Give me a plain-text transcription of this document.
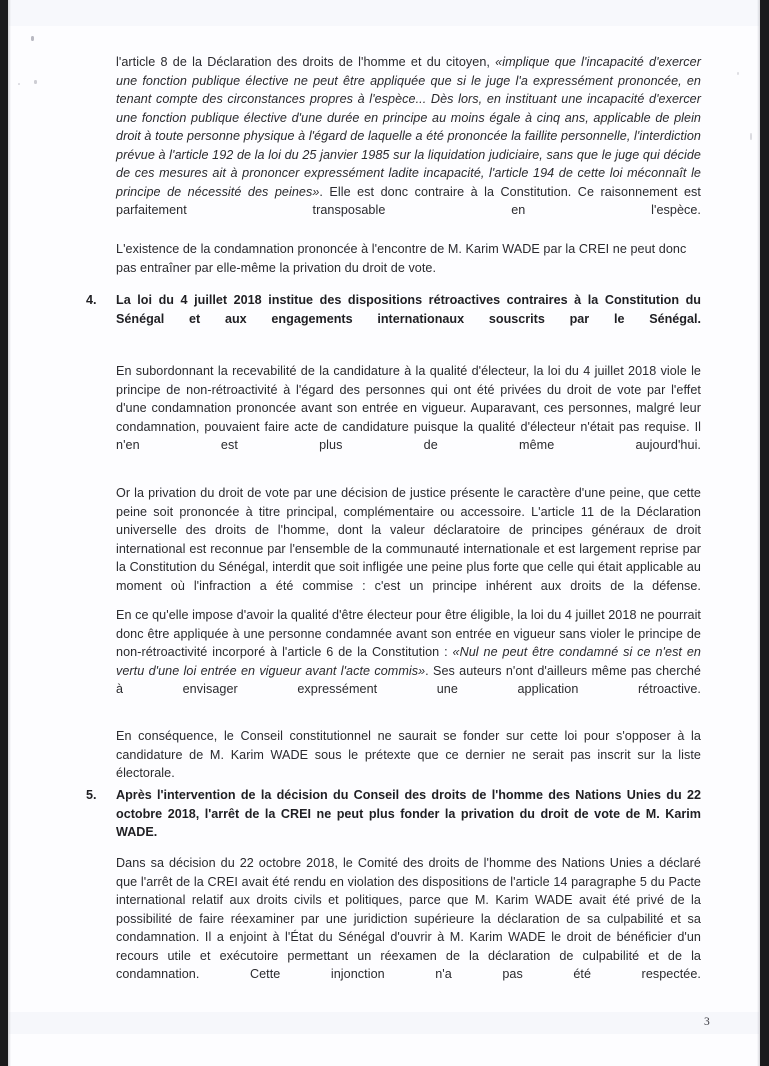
l'article 8 de la Déclaration des droits de l'homme et du citoyen, «implique que l'incapacité d'exercer une fonction publique élective ne peut être appliquée que si le juge l'a expressément prononcée, en tenant compte des circonstances propres à l'espèce... Dès lors, en instituant une incapacité d'exercer une fonction publique élective d'une durée en principe au moins égale à cinq ans, applicable de plein droit à toute personne physique à l'égard de laquelle a été prononcée la faillite personnelle, l'interdiction prévue à l'article 192 de la loi du 25 janvier 1985 sur la liquidation judiciaire, sans que le juge qui décide de ces mesures ait à prononcer expressément ladite incapacité, l'article 194 de cette loi méconnaît le principe de nécessité des peines». Elle est donc contraire à la Constitution. Ce raisonnement est parfaitement transposable en l'espèce.
L'existence de la condamnation prononcée à l'encontre de M. Karim WADE par la CREI ne peut donc pas entraîner par elle-même la privation du droit de vote.
4.	La loi du 4 juillet 2018 institue des dispositions rétroactives contraires à la Constitution du Sénégal et aux engagements internationaux souscrits par le Sénégal.
En subordonnant la recevabilité de la candidature à la qualité d'électeur, la loi du 4 juillet 2018 viole le principe de non-rétroactivité à l'égard des personnes qui ont été privées du droit de vote par l'effet d'une condamnation prononcée avant son entrée en vigueur. Auparavant, ces personnes, malgré leur condamnation, pouvaient faire acte de candidature puisque la qualité d'électeur n'était pas requise. Il n'en est plus de même aujourd'hui.
Or la privation du droit de vote par une décision de justice présente le caractère d'une peine, que cette peine soit prononcée à titre principal, complémentaire ou accessoire. L'article 11 de la Déclaration universelle des droits de l'homme, dont la valeur déclaratoire de principes généraux de droit international est reconnue par l'ensemble de la communauté internationale et est largement reprise par la Constitution du Sénégal, interdit que soit infligée une peine plus forte que celle qui était applicable au moment où l'infraction a été commise : c'est un principe inhérent aux droits de la défense.
En ce qu'elle impose d'avoir la qualité d'être électeur pour être éligible, la loi du 4 juillet 2018 ne pourrait donc être appliquée à une personne condamnée avant son entrée en vigueur sans violer le principe de non-rétroactivité incorporé à l'article 6 de la Constitution : «Nul ne peut être condamné si ce n'est en vertu d'une loi entrée en vigueur avant l'acte commis». Ses auteurs n'ont d'ailleurs même pas cherché à envisager expressément une application rétroactive.
En conséquence, le Conseil constitutionnel ne saurait se fonder sur cette loi pour s'opposer à la candidature de M. Karim WADE sous le prétexte que ce dernier ne serait pas inscrit sur la liste électorale.
5.	Après l'intervention de la décision du Conseil des droits de l'homme des Nations Unies du 22 octobre 2018, l'arrêt de la CREI ne peut plus fonder la privation du droit de vote de M. Karim WADE.
Dans sa décision du 22 octobre 2018, le Comité des droits de l'homme des Nations Unies a déclaré que l'arrêt de la CREI avait été rendu en violation des dispositions de l'article 14 paragraphe 5 du Pacte international relatif aux droits civils et politiques, parce que M. Karim WADE avait été privé de la possibilité de faire réexaminer par une juridiction supérieure la déclaration de sa culpabilité et sa condamnation. Il a enjoint à l'État du Sénégal d'ouvrir à M. Karim WADE le droit de bénéficier d'un recours utile et exécutoire permettant un réexamen de la déclaration de culpabilité et de la condamnation. Cette injonction n'a pas été respectée.
3
